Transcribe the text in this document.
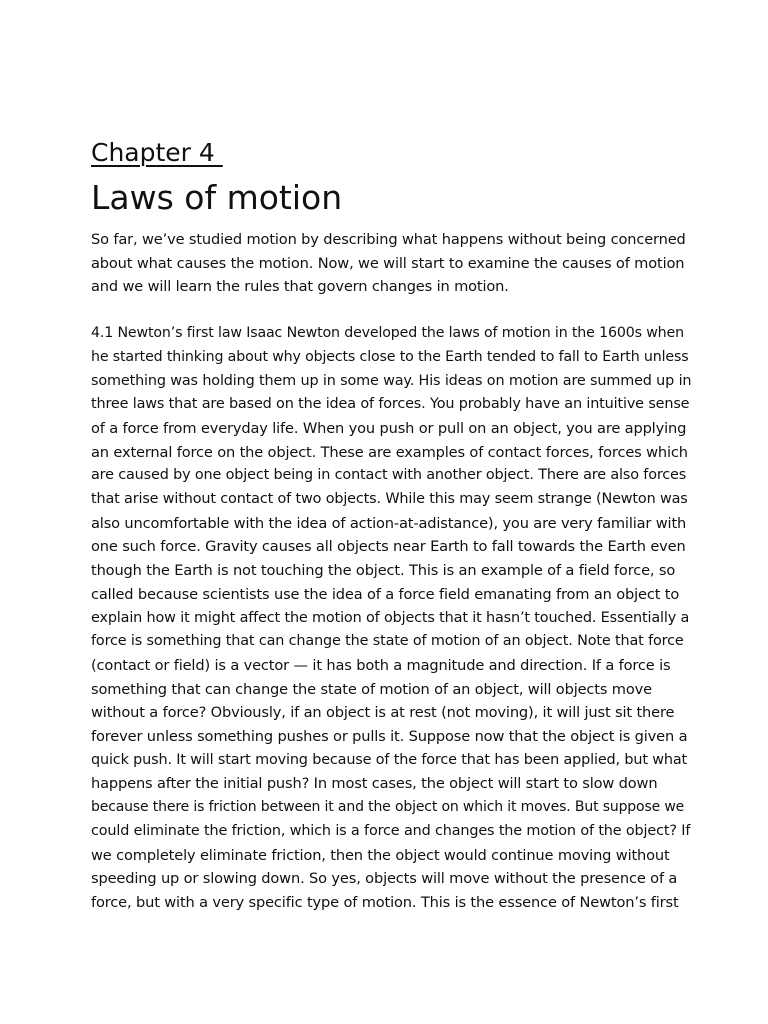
Chapter 4
Laws of motion

So far, we’ve studied motion by describing what happens without being concerned
about what causes the motion. Now, we will start to examine the causes of motion
and we will learn the rules that govern changes in motion.

4.1 Newton’s first law Isaac Newton developed the laws of motion in the 1600s when
he started thinking about why objects close to the Earth tended to fall to Earth unless
something was holding them up in some way. His ideas on motion are summed up in
three laws that are based on the idea of forces. You probably have an intuitive sense
of a force from everyday life. When you push or pull on an object, you are applying
an external force on the object. These are examples of contact forces, forces which
are caused by one object being in contact with another object. There are also forces
that arise without contact of two objects. While this may seem strange (Newton was
also uncomfortable with the idea of action-at-adistance), you are very familiar with
one such force. Gravity causes all objects near Earth to fall towards the Earth even
though the Earth is not touching the object. This is an example of a field force, so
called because scientists use the idea of a force field emanating from an object to
explain how it might affect the motion of objects that it hasn’t touched. Essentially a
force is something that can change the state of motion of an object. Note that force
(contact or field) is a vector — it has both a magnitude and direction. If a force is
something that can change the state of motion of an object, will objects move
without a force? Obviously, if an object is at rest (not moving), it will just sit there
forever unless something pushes or pulls it. Suppose now that the object is given a
quick push. It will start moving because of the force that has been applied, but what
happens after the initial push? In most cases, the object will start to slow down
because there is friction between it and the object on which it moves. But suppose we
could eliminate the friction, which is a force and changes the motion of the object? If
we completely eliminate friction, then the object would continue moving without
speeding up or slowing down. So yes, objects will move without the presence of a
force, but with a very specific type of motion. This is the essence of Newton’s first
